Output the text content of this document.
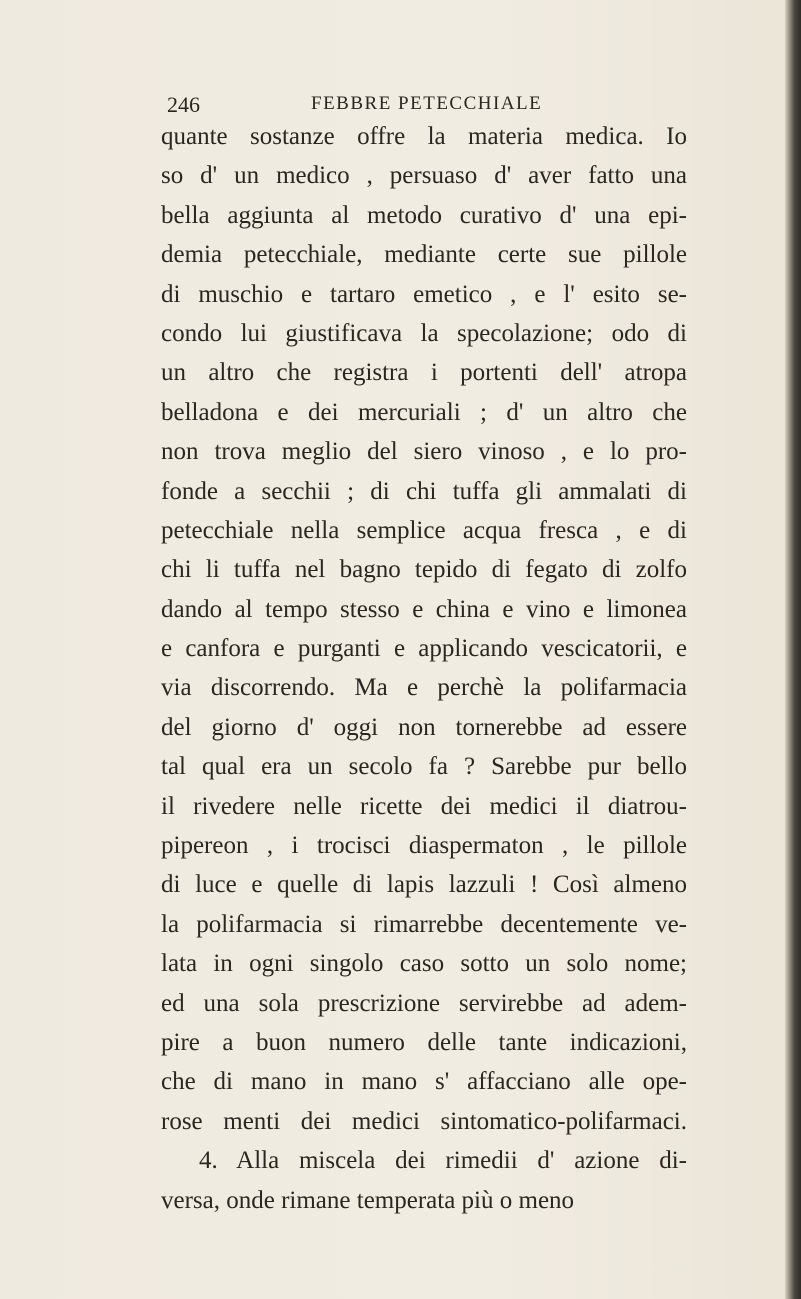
246	FEBBRE PETECCHIALE
quante sostanze offre la materia medica. Io
so d' un medico , persuaso d' aver fatto una
bella aggiunta al metodo curativo d' una epi-
demia petecchiale, mediante certe sue pillole
di muschio e tartaro emetico , e l' esito se-
condo lui giustificava la specolazione; odo di
un altro che registra i portenti dell' atropa
belladona e dei mercuriali ; d' un altro che
non trova meglio del siero vinoso , e lo pro-
fonde a secchii ; di chi tuffa gli ammalati di
petecchiale nella semplice acqua fresca , e di
chi li tuffa nel bagno tepido di fegato di zolfo
dando al tempo stesso e china e vino e limonea
e canfora e purganti e applicando vescicatorii, e
via discorrendo. Ma e perchè la polifarmacia
del giorno d' oggi non tornerebbe ad essere
tal qual era un secolo fa ? Sarebbe pur bello
il rivedere nelle ricette dei medici il diatrou-
pipereon , i trocisci diaspermaton , le pillole
di luce e quelle di lapis lazzuli ! Così almeno
la polifarmacia si rimarrebbe decentemente ve-
lata in ogni singolo caso sotto un solo nome;
ed una sola prescrizione servirebbe ad adem-
pire a buon numero delle tante indicazioni,
che di mano in mano s' affacciano alle ope-
rose menti dei medici sintomatico-polifarmaci.
4. Alla miscela dei rimedii d' azione di-
versa, onde rimane temperata più o meno
